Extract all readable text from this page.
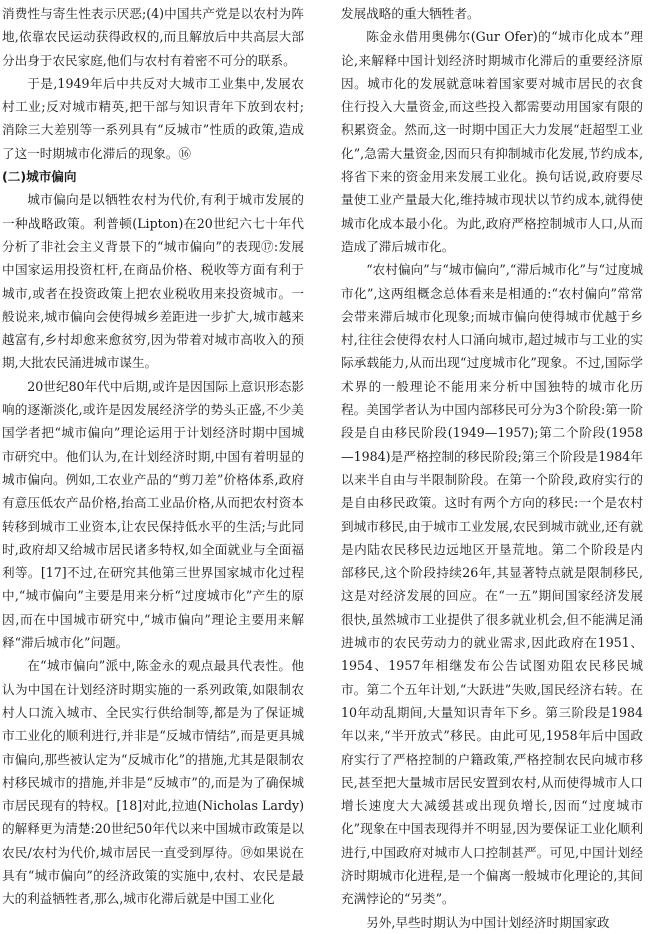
消费性与寄生性表示厌恶;(4)中国共产党是以农村为阵地,依靠农民运动获得政权的,而且解放后中共高层大部分出身于农民家庭,他们与农村有着密不可分的联系。

于是,1949年后中共反对大城市工业集中,发展农村工业;反对城市精英,把干部与知识青年下放到农村;消除三大差别等一系列具有“反城市”性质的政策,造成了这一时期城市化滞后的现象。⑯

(二)城市偏向

城市偏向是以牺牲农村为代价,有利于城市发展的一种战略政策。利普顿(Lipton)在20世纪六七十年代分析了非社会主义背景下的“城市偏向”的表现⑰:发展中国家运用投资杠杆,在商品价格、税收等方面有利于城市,或者在投资政策上把农业税收用来投资城市。一般说来,城市偏向会使得城乡差距进一步扩大,城市越来越富有,乡村却愈来愈贫穷,因为带着对城市高收入的预期,大批农民涌进城市谋生。

20世纪80年代中后期,或许是因国际上意识形态影响的逐渐淡化,或许是因发展经济学的势头正盛,不少美国学者把“城市偏向”理论运用于计划经济时期中国城市研究中。他们认为,在计划经济时期,中国有着明显的城市偏向。例如,工农业产品的“剪刀差”价格体系,政府有意压低农产品价格,抬高工业品价格,从而把农村资本转移到城市工业资本,让农民保持低水平的生活;与此同时,政府却又给城市居民诸多特权,如全面就业与全面福利等。[17]不过,在研究其他第三世界国家城市化过程中,“城市偏向”主要是用来分析“过度城市化”产生的原因,而在中国城市研究中,“城市偏向”理论主要用来解释“滞后城市化”问题。

在“城市偏向”派中,陈金永的观点最具代表性。他认为中国在计划经济时期实施的一系列政策,如限制农村人口流入城市、全民实行供给制等,都是为了保证城市工业化的顺利进行,并非是“反城市情结”,而是更具城市偏向,那些被认定为“反城市化”的措施,尤其是限制农村移民城市的措施,并非是“反城市”的,而是为了确保城市居民现有的特权。[18]对此,拉迪(Nicholas Lardy)的解释更为清楚:20世纪50年代以来中国城市政策是以农民/农村为代价,城市居民一直受到厚待。⑲如果说在具有“城市偏向”的经济政策的实施中,农村、农民是最大的利益牺牲者,那么,城市化滞后就是中国工业化

发展战略的重大牺牲者。

陈金永借用奥佛尔(Gur Ofer)的“城市化成本”理论,来解释中国计划经济时期城市化滞后的重要经济原因。城市化的发展就意味着国家要对城市居民的衣食住行投入大量资金,而这些投入都需要动用国家有限的积累资金。然而,这一时期中国正大力发展“赶超型工业化”,急需大量资金,因而只有抑制城市化发展,节约成本,将省下来的资金用来发展工业化。换句话说,政府要尽量使工业产量最大化,维持城市现状以节约成本,就得使城市化成本最小化。为此,政府严格控制城市人口,从而造成了滞后城市化。

“农村偏向”与“城市偏向”,“滞后城市化”与“过度城市化”,这两组概念总体看来是相通的:“农村偏向”常常会带来滞后城市化现象;而城市偏向使得城市优越于乡村,往往会使得农村人口涌向城市,超过城市与工业的实际承载能力,从而出现“过度城市化”现象。不过,国际学术界的一般理论不能用来分析中国独特的城市化历程。美国学者认为中国内部移民可分为3个阶段:第一阶段是自由移民阶段(1949—1957);第二个阶段(1958—1984)是严格控制的移民阶段;第三个阶段是1984年以来半自由与半限制阶段。在第一个阶段,政府实行的是自由移民政策。这时有两个方向的移民:一个是农村到城市移民,由于城市工业发展,农民到城市就业,还有就是内陆农民移民边远地区开垦荒地。第二个阶段是内部移民,这个阶段持续26年,其显著特点就是限制移民,这是对经济发展的回应。在“一五”期间国家经济发展很快,虽然城市工业提供了很多就业机会,但不能满足涌进城市的农民劳动力的就业需求,因此政府在1951、1954、1957年相继发布公告试图劝阻农民移民城市。第二个五年计划,“大跃进”失败,国民经济右转。在10年动乱期间,大量知识青年下乡。第三阶段是1984年以来,“半开放式”移民。由此可见,1958年后中国政府实行了严格控制的户籍政策,严格控制农民向城市移民,甚至把大量城市居民安置到农村,从而使得城市人口增长速度大大减缓甚或出现负增长,因而“过度城市化”现象在中国表现得并不明显,因为要保证工业化顺利进行,中国政府对城市人口控制甚严。可见,中国计划经济时期城市化进程,是一个偏离一般城市化理论的,其间充满悖论的“另类”。

另外,早些时期认为中国计划经济时期国家政
